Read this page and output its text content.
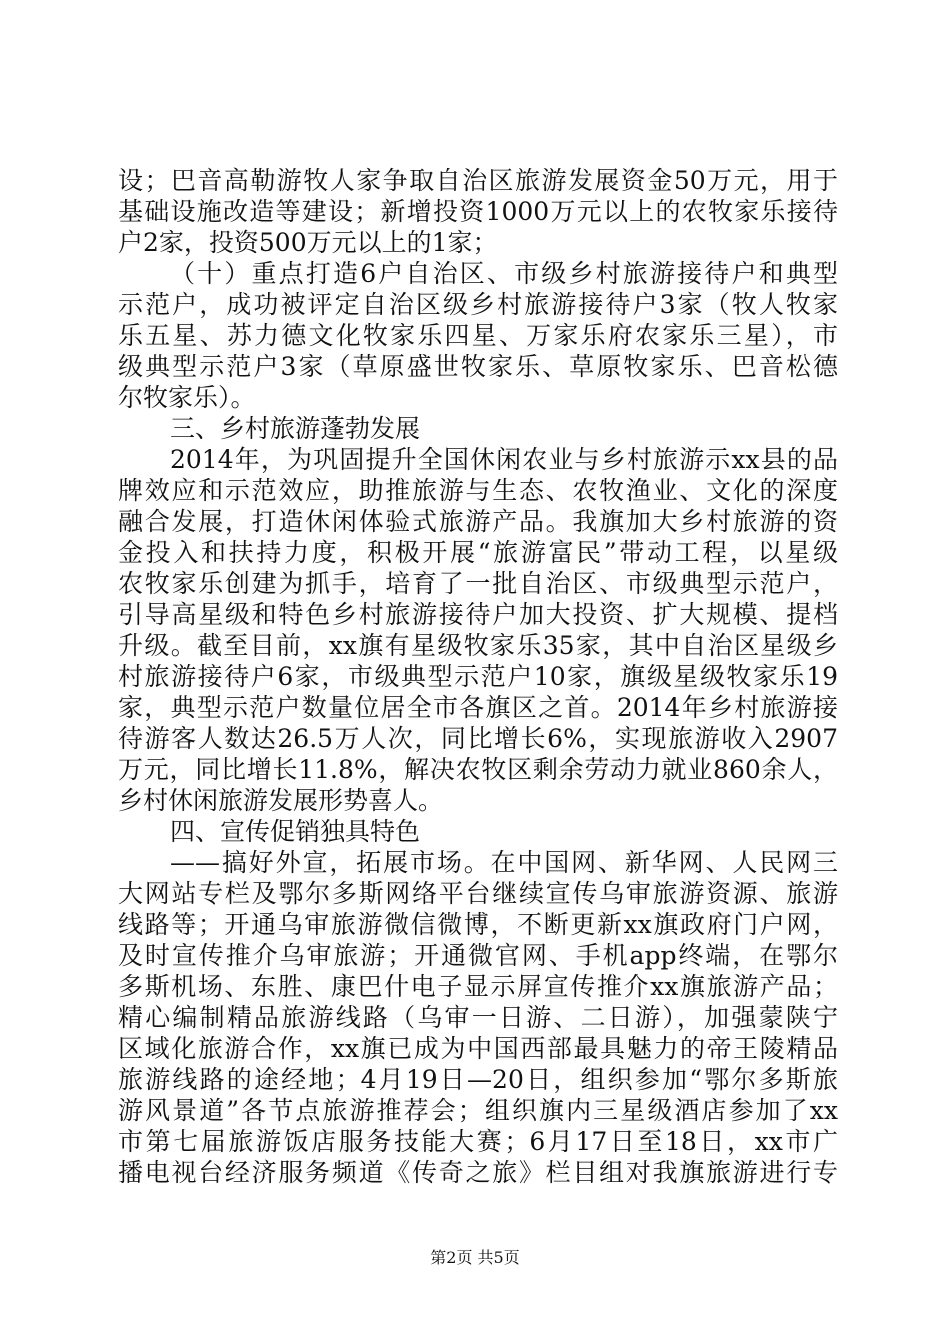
设；巴音高勒游牧人家争取自治区旅游发展资金50万元，用于
基础设施改造等建设；新增投资1000万元以上的农牧家乐接待
户2家，投资500万元以上的1家；
（十）重点打造6户自治区、市级乡村旅游接待户和典型
示范户，成功被评定自治区级乡村旅游接待户3家（牧人牧家
乐五星、苏力德文化牧家乐四星、万家乐府农家乐三星），市
级典型示范户3家（草原盛世牧家乐、草原牧家乐、巴音松德
尔牧家乐）。
三、乡村旅游蓬勃发展
2014年，为巩固提升全国休闲农业与乡村旅游示xx县的品
牌效应和示范效应，助推旅游与生态、农牧渔业、文化的深度
融合发展，打造休闲体验式旅游产品。我旗加大乡村旅游的资
金投入和扶持力度，积极开展“旅游富民”带动工程，以星级
农牧家乐创建为抓手，培育了一批自治区、市级典型示范户，
引导高星级和特色乡村旅游接待户加大投资、扩大规模、提档
升级。截至目前，xx旗有星级牧家乐35家，其中自治区星级乡
村旅游接待户6家，市级典型示范户10家，旗级星级牧家乐19
家，典型示范户数量位居全市各旗区之首。2014年乡村旅游接
待游客人数达26.5万人次，同比增长6%，实现旅游收入2907
万元，同比增长11.8%，解决农牧区剩余劳动力就业860余人，
乡村休闲旅游发展形势喜人。
四、宣传促销独具特色
——搞好外宣，拓展市场。在中国网、新华网、人民网三
大网站专栏及鄂尔多斯网络平台继续宣传乌审旅游资源、旅游
线路等；开通乌审旅游微信微博，不断更新xx旗政府门户网，
及时宣传推介乌审旅游；开通微官网、手机app终端，在鄂尔
多斯机场、东胜、康巴什电子显示屏宣传推介xx旗旅游产品；
精心编制精品旅游线路（乌审一日游、二日游），加强蒙陕宁
区域化旅游合作，xx旗已成为中国西部最具魅力的帝王陵精品
旅游线路的途经地；4月19日—20日，组织参加“鄂尔多斯旅
游风景道”各节点旅游推荐会；组织旗内三星级酒店参加了xx
市第七届旅游饭店服务技能大赛；6月17日至18日，xx市广
播电视台经济服务频道《传奇之旅》栏目组对我旗旅游进行专
第2页 共5页
